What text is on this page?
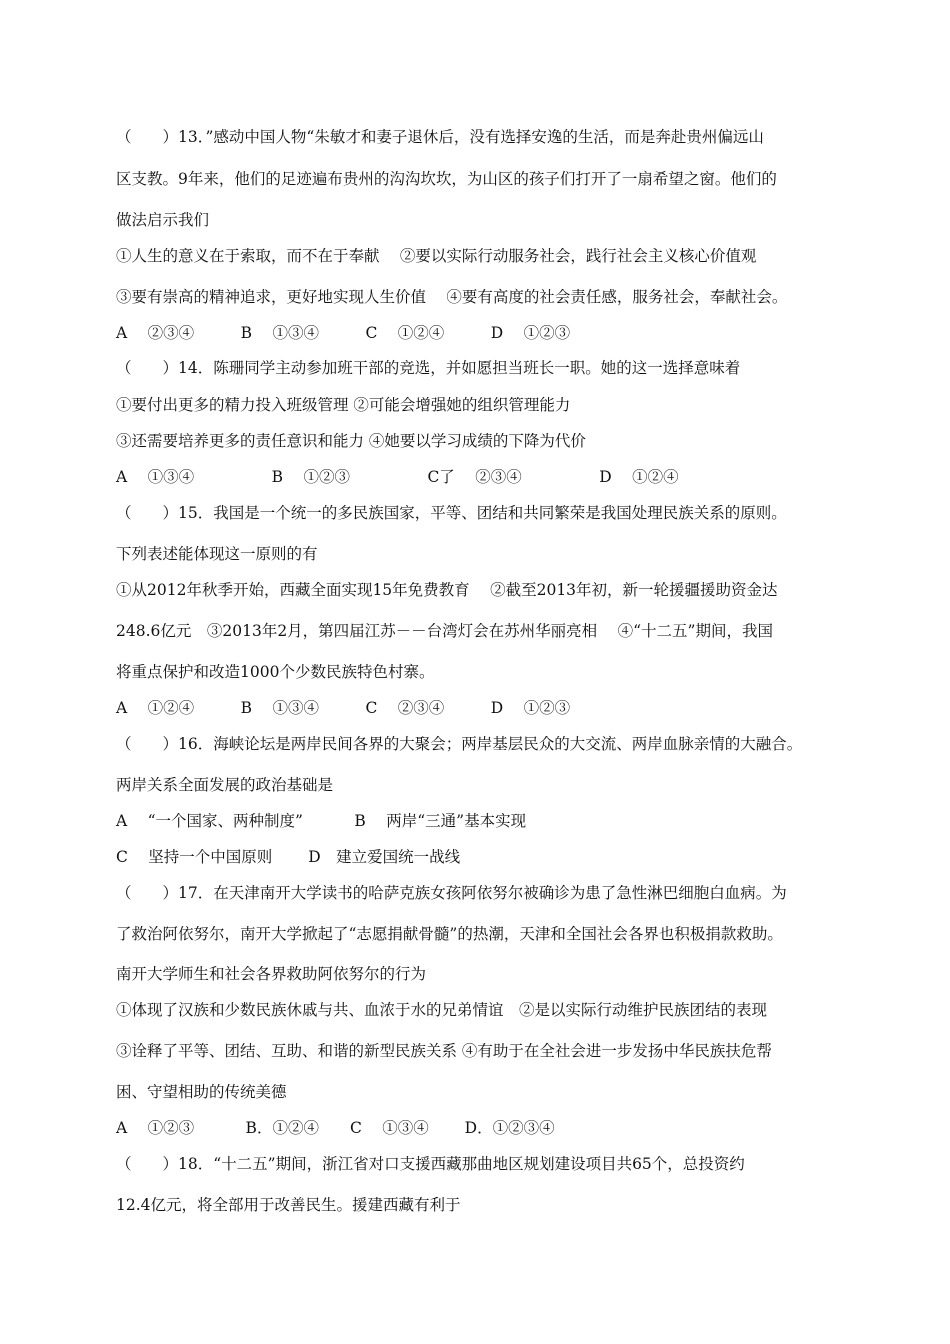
（　　）13．”感动中国人物“朱敏才和妻子退休后，没有选择安逸的生活，而是奔赴贵州偏远山
区支教。9年来，他们的足迹遍布贵州的沟沟坎坎，为山区的孩子们打开了一扇希望之窗。他们的
做法启示我们
①人生的意义在于索取，而不在于奉献　 ②要以实际行动服务社会，践行社会主义核心价值观
③要有崇高的精神追求，更好地实现人生价值　 ④要有高度的社会责任感，服务社会，奉献社会。
A　 ②③④　　　B　 ①③④　　　C　 ①②④　　　D　 ①②③
（　　）14．陈珊同学主动参加班干部的竞选，并如愿担当班长一职。她的这一选择意味着
①要付出更多的精力投入班级管理 ②可能会增强她的组织管理能力
③还需要培养更多的责任意识和能力 ④她要以学习成绩的下降为代价
A　 ①③④　　　　　B　 ①②③　　　　　C了　 ②③④　　　　　D　 ①②④
（　　）15．我国是一个统一的多民族国家，平等、团结和共同繁荣是我国处理民族关系的原则。
下列表述能体现这一原则的有
①从2012年秋季开始，西藏全面实现15年免费教育　 ②截至2013年初，新一轮援疆援助资金达
248.6亿元　③2013年2月，第四届江苏－－台湾灯会在苏州华丽亮相　 ④“十二五”期间，我国
将重点保护和改造1000个少数民族特色村寨。
A　 ①②④　　　B　 ①③④　　　C　 ②③④　　　D　 ①②③
（　　）16．海峡论坛是两岸民间各界的大聚会；两岸基层民众的大交流、两岸血脉亲情的大融合。
两岸关系全面发展的政治基础是
A　 “一个国家、两种制度”　　　 B　 两岸“三通”基本实现
C　 坚持一个中国原则　　 D　建立爱国统一战线
（　　）17．在天津南开大学读书的哈萨克族女孩阿依努尔被确诊为患了急性淋巴细胞白血病。为
了救治阿依努尔，南开大学掀起了“志愿捐献骨髓”的热潮，天津和全国社会各界也积极捐款救助。
南开大学师生和社会各界救助阿依努尔的行为
①体现了汉族和少数民族休戚与共、血浓于水的兄弟情谊　②是以实际行动维护民族团结的表现
③诠释了平等、团结、互助、和谐的新型民族关系 ④有助于在全社会进一步发扬中华民族扶危帮
困、守望相助的传统美德
A　 ①②③　　　 B．①②④　　C　 ①③④　　 D．①②③④
（　　）18．“十二五”期间，浙江省对口支援西藏那曲地区规划建设项目共65个，总投资约
12.4亿元，将全部用于改善民生。援建西藏有利于
